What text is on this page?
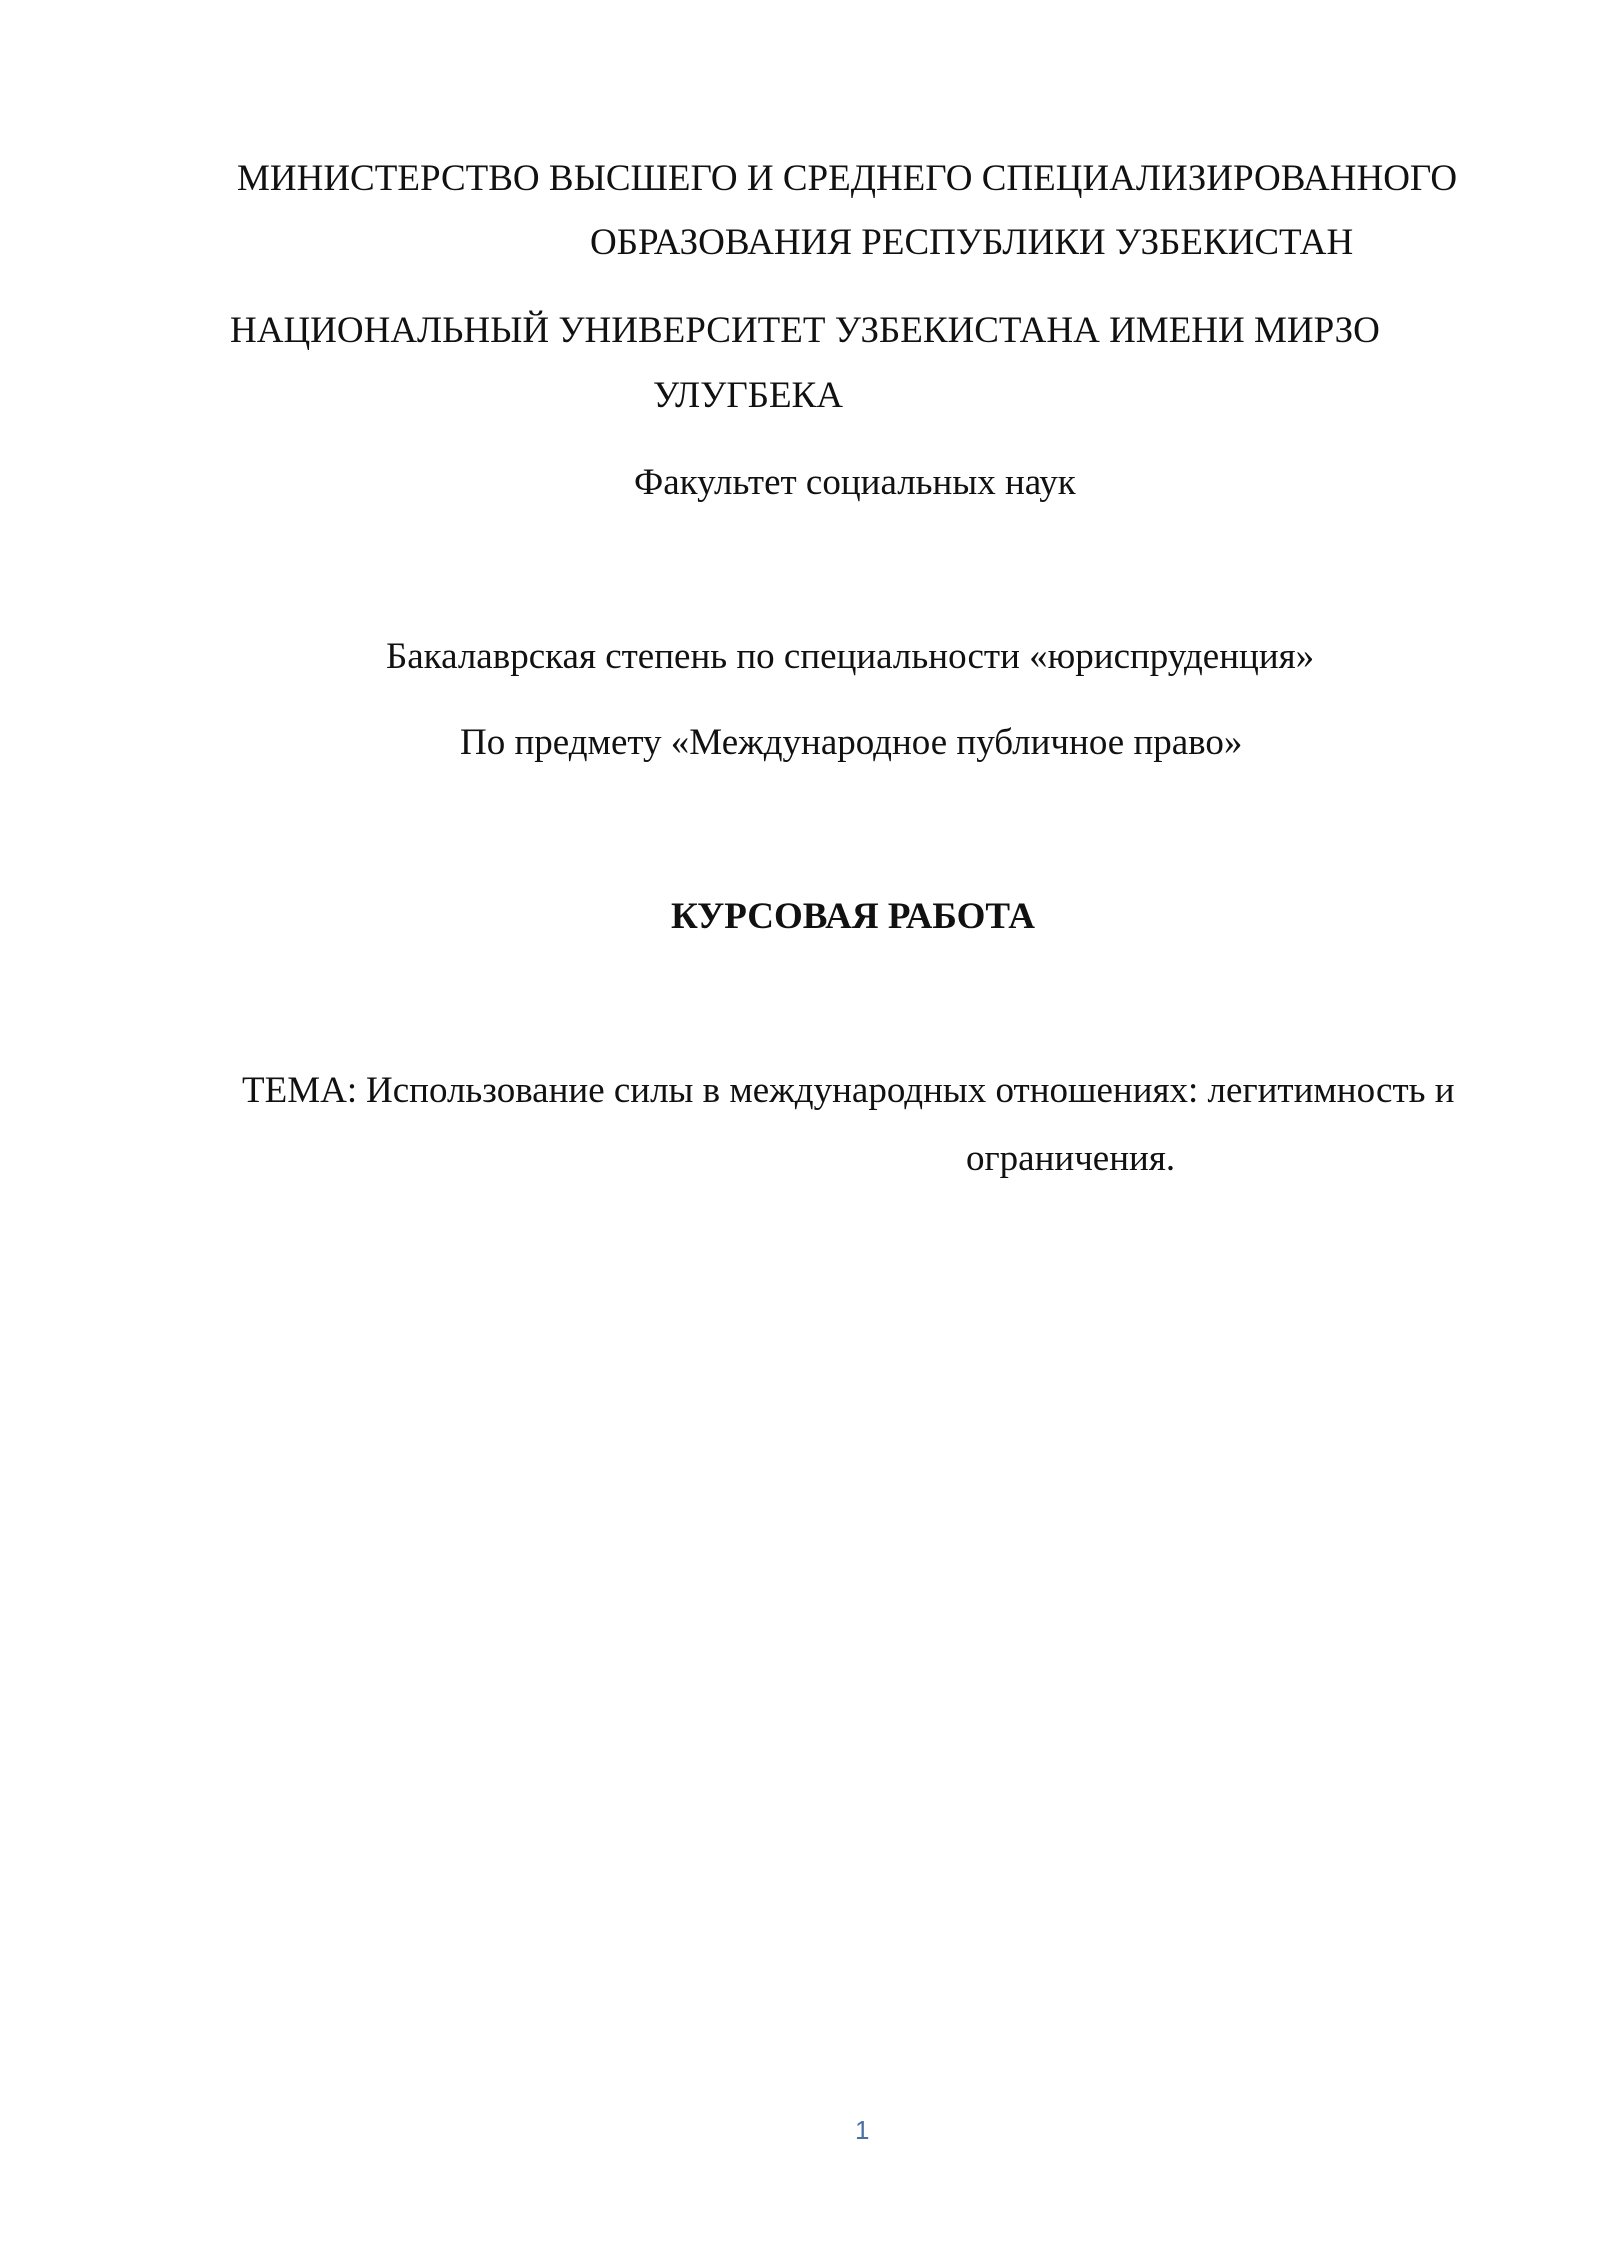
МИНИСТЕРСТВО ВЫСШЕГО И СРЕДНЕГО СПЕЦИАЛИЗИРОВАННОГО
ОБРАЗОВАНИЯ РЕСПУБЛИКИ УЗБЕКИСТАН
НАЦИОНАЛЬНЫЙ УНИВЕРСИТЕТ УЗБЕКИСТАНА ИМЕНИ МИРЗО
УЛУГБЕКА
Факультет социальных наук
Бакалаврская степень по специальности «юриспруденция»
По предмету «Международное публичное право»
КУРСОВАЯ РАБОТА
ТЕМА: Использование силы в международных отношениях: легитимность и
ограничения.
1
